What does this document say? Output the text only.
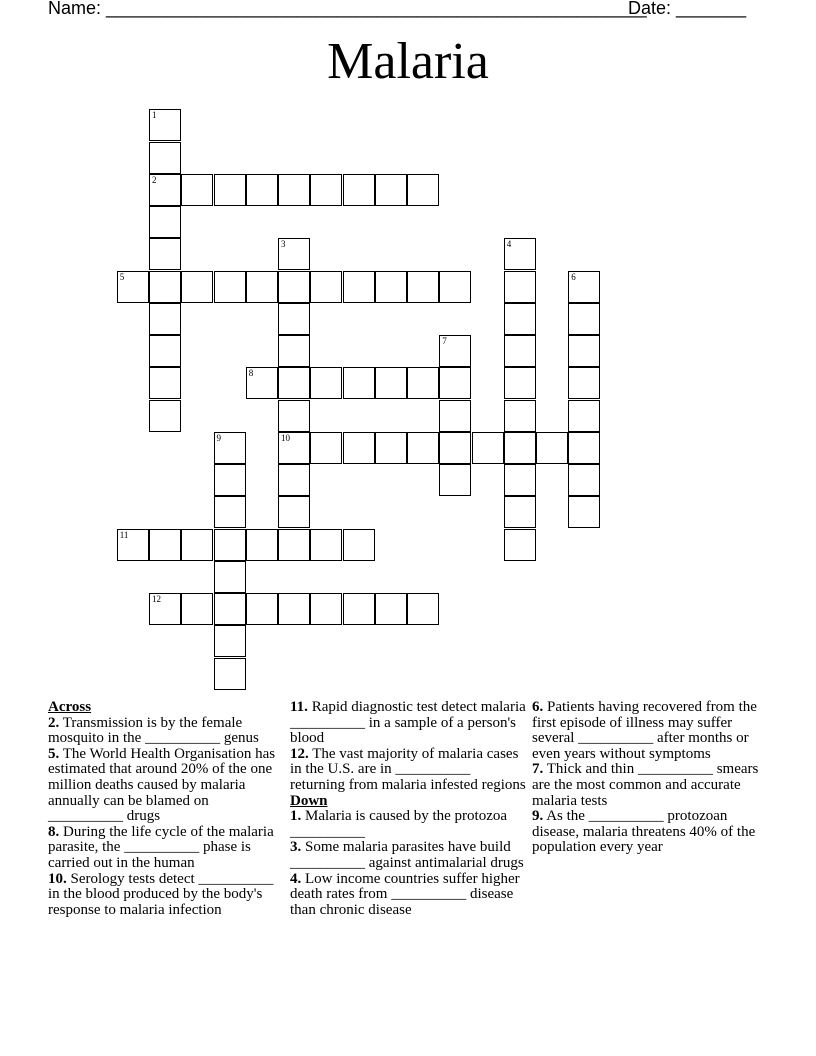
Name: ______________________________________________________
Date: _______
Malaria
1
2
3
10
4
5	6
7
8
9
11
12
Across
2. Transmission is by the female mosquito in the __________ genus
5. The World Health Organisation has estimated that around 20% of the one million deaths caused by malaria annually can be blamed on __________ drugs
8. During the life cycle of the malaria parasite, the __________ phase is carried out in the human
10. Serology tests detect __________ in the blood produced by the body's response to malaria infection
11. Rapid diagnostic test detect malaria __________ in a sample of a person's blood
12. The vast majority of malaria cases in the U.S. are in __________ returning from malaria infested regions
Down
1. Malaria is caused by the protozoa __________
3. Some malaria parasites have build __________ against antimalarial drugs
4. Low income countries suffer higher death rates from __________ disease than chronic disease
6. Patients having recovered from the first episode of illness may suffer several __________ after months or even years without symptoms
7. Thick and thin __________ smears are the most common and accurate malaria tests
9. As the __________ protozoan disease, malaria threatens 40% of the population every year
